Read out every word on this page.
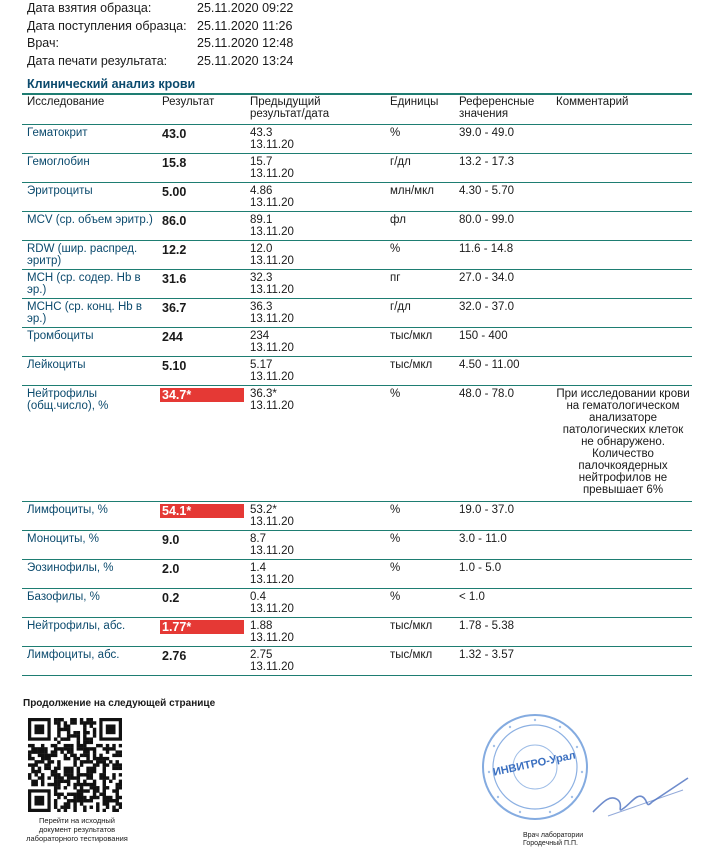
Дата взятия образца:	25.11.2020 09:22
Дата поступления образца: 25.11.2020 11:26
Врач:	25.11.2020 12:48
Дата печати результата: 25.11.2020 13:24
Клинический анализ крови
Исследование	Результат	Предыдущий
результат/дата
Единицы Референсные
значения
Комментарий
Гематокрит	43.0	43.3
13.11.20
%	39.0 - 49.0
Гемоглобин	15.8	15.7
13.11.20
г/дл	13.2 - 17.3
Эритроциты	5.00	4.86
13.11.20
млн/мкл 4.30 - 5.70
MCV (ср. объем эритр.) 86.0	89.1
13.11.20
фл	80.0 - 99.0
RDW (шир. распред.
эритр)
12.2	12.0
13.11.20
%	11.6 - 14.8
MCH (ср. содер. Hb в
эр.)
31.6	32.3
13.11.20
пг	27.0 - 34.0
MCHC (ср. конц. Hb в
эр.)
36.7	36.3
13.11.20
г/дл	32.0 - 37.0
Тромбоциты	244	234
13.11.20
тыс/мкл 150 - 400
Лейкоциты	5.10	5.17
13.11.20
тыс/мкл 4.50 - 11.00
Нейтрофилы
(общ.число), %
34.7*	36.3*
13.11.20
%	48.0 - 78.0	При исследовании крови
на гематологическом
анализаторе
патологических клеток
не обнаружено.
Количество
палочкоядерных
нейтрофилов не
превышает 6%
Лимфоциты, %	54.1*	53.2*
13.11.20
%	19.0 - 37.0
Моноциты, %	9.0	8.7
13.11.20
%	3.0 - 11.0
Эозинофилы, %	2.0	1.4
13.11.20
%	1.0 - 5.0
Базофилы, %	0.2	0.4
13.11.20
%	< 1.0
Нейтрофилы, абс.	1.77*	1.88
13.11.20
тыс/мкл 1.78 - 5.38
Лимфоциты, абс.	2.76	2.75
13.11.20
тыс/мкл 1.32 - 3.57
Продолжение на следующей странице
Перейти на исходный
документ результатов
лабораторного тестирования
ИНВИТРО-Урал
Врач лаборатории
Городечный П.П.
